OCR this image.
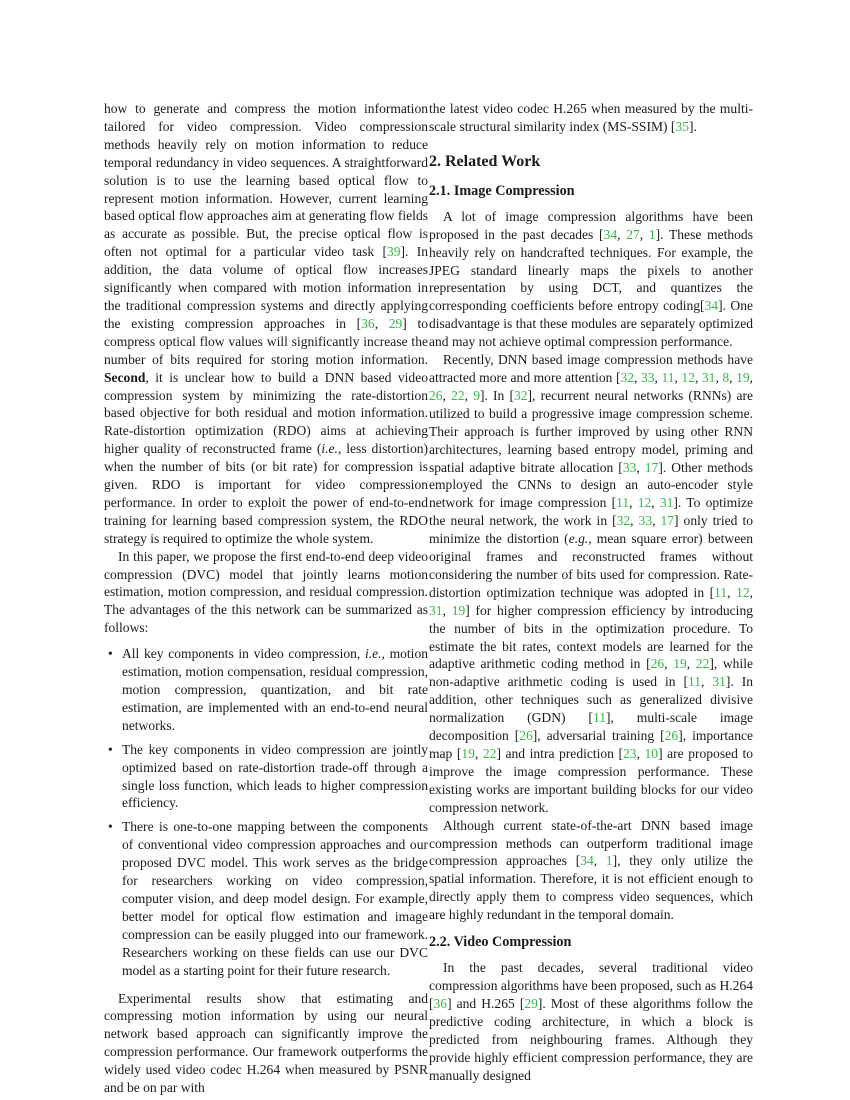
how to generate and compress the motion information tailored for video compression. Video compression methods heavily rely on motion information to reduce temporal redundancy in video sequences. A straightforward solution is to use the learning based optical flow to represent motion information. However, current learning based optical flow approaches aim at generating flow fields as accurate as possible. But, the precise optical flow is often not optimal for a particular video task [39]. In addition, the data volume of optical flow increases significantly when compared with motion information in the traditional compression systems and directly applying the existing compression approaches in [36, 29] to compress optical flow values will significantly increase the number of bits required for storing motion information. Second, it is unclear how to build a DNN based video compression system by minimizing the rate-distortion based objective for both residual and motion information. Rate-distortion optimization (RDO) aims at achieving higher quality of reconstructed frame (i.e., less distortion) when the number of bits (or bit rate) for compression is given. RDO is important for video compression performance. In order to exploit the power of end-to-end training for learning based compression system, the RDO strategy is required to optimize the whole system.

In this paper, we propose the first end-to-end deep video compression (DVC) model that jointly learns motion estimation, motion compression, and residual compression. The advantages of the this network can be summarized as follows:

• All key components in video compression, i.e., motion estimation, motion compensation, residual compression, motion compression, quantization, and bit rate estimation, are implemented with an end-to-end neural networks.
• The key components in video compression are jointly optimized based on rate-distortion trade-off through a single loss function, which leads to higher compression efficiency.
• There is one-to-one mapping between the components of conventional video compression approaches and our proposed DVC model. This work serves as the bridge for researchers working on video compression, computer vision, and deep model design. For example, better model for optical flow estimation and image compression can be easily plugged into our framework. Researchers working on these fields can use our DVC model as a starting point for their future research.

Experimental results show that estimating and compressing motion information by using our neural network based approach can significantly improve the compression performance. Our framework outperforms the widely used video codec H.264 when measured by PSNR and be on par with

the latest video codec H.265 when measured by the multi-scale structural similarity index (MS-SSIM) [35].

2. Related Work
2.1. Image Compression

A lot of image compression algorithms have been proposed in the past decades [34, 27, 1]. These methods heavily rely on handcrafted techniques. For example, the JPEG standard linearly maps the pixels to another representation by using DCT, and quantizes the corresponding coefficients before entropy coding[34]. One disadvantage is that these modules are separately optimized and may not achieve optimal compression performance.

Recently, DNN based image compression methods have attracted more and more attention [32, 33, 11, 12, 31, 8, 19, 26, 22, 9]. In [32], recurrent neural networks (RNNs) are utilized to build a progressive image compression scheme. Their approach is further improved by using other RNN architectures, learning based entropy model, priming and spatial adaptive bitrate allocation [33, 17]. Other methods employed the CNNs to design an auto-encoder style network for image compression [11, 12, 31]. To optimize the neural network, the work in [32, 33, 17] only tried to minimize the distortion (e.g., mean square error) between original frames and reconstructed frames without considering the number of bits used for compression. Rate-distortion optimization technique was adopted in [11, 12, 31, 19] for higher compression efficiency by introducing the number of bits in the optimization procedure. To estimate the bit rates, context models are learned for the adaptive arithmetic coding method in [26, 19, 22], while non-adaptive arithmetic coding is used in [11, 31]. In addition, other techniques such as generalized divisive normalization (GDN) [11], multi-scale image decomposition [26], adversarial training [26], importance map [19, 22] and intra prediction [23, 10] are proposed to improve the image compression performance. These existing works are important building blocks for our video compression network.

Although current state-of-the-art DNN based image compression methods can outperform traditional image compression approaches [34, 1], they only utilize the spatial information. Therefore, it is not efficient enough to directly apply them to compress video sequences, which are highly redundant in the temporal domain.

2.2. Video Compression

In the past decades, several traditional video compression algorithms have been proposed, such as H.264 [36] and H.265 [29]. Most of these algorithms follow the predictive coding architecture, in which a block is predicted from neighbouring frames. Although they provide highly efficient compression performance, they are manually designed
